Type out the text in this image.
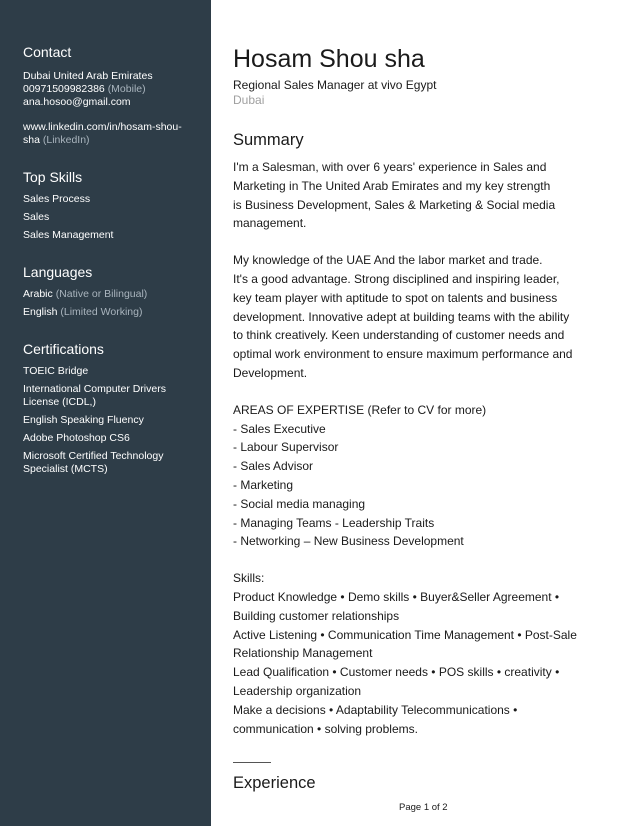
Contact
Dubai United Arab Emirates
00971509982386 (Mobile)
ana.hosoo@gmail.com
www.linkedin.com/in/hosam-shou-
sha (LinkedIn)
Top Skills
Sales Process
Sales
Sales Management
Languages
Arabic (Native or Bilingual)
English (Limited Working)
Certifications
TOEIC Bridge
International Computer Drivers License (ICDL,)
English Speaking Fluency
Adobe Photoshop CS6
Microsoft Certified Technology Specialist (MCTS)
Hosam Shou sha
Regional Sales Manager at vivo Egypt
Dubai
Summary
I'm a Salesman, with over 6 years' experience in Sales and
Marketing in The United Arab Emirates and my key strength
is Business Development, Sales & Marketing & Social media
management.
My knowledge of the UAE And the labor market and trade.
It's a good advantage. Strong disciplined and inspiring leader,
key team player with aptitude to spot on talents and business
development. Innovative adept at building teams with the ability
to think creatively. Keen understanding of customer needs and
optimal work environment to ensure maximum performance and
Development.
AREAS OF EXPERTISE (Refer to CV for more)
- Sales Executive
- Labour Supervisor
- Sales Advisor
- Marketing
- Social media managing
- Managing Teams - Leadership Traits
- Networking – New Business Development
Skills:
Product Knowledge • Demo skills • Buyer&Seller Agreement •
Building customer relationships
Active Listening • Communication Time Management • Post-Sale
Relationship Management
Lead Qualification • Customer needs • POS skills • creativity •
Leadership organization
Make a decisions • Adaptability Telecommunications •
communication • solving problems.
Experience
Page 1 of 2
